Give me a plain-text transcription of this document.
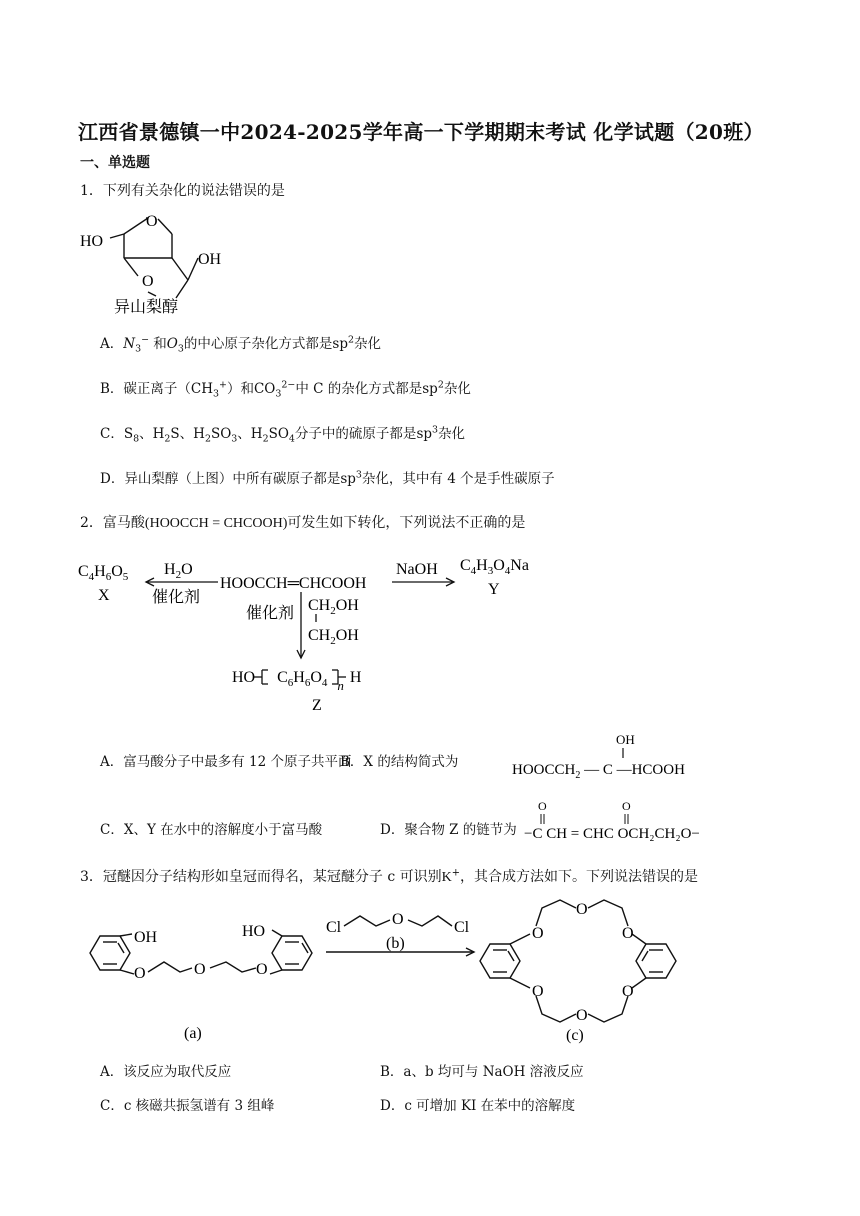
江西省景德镇一中2024-2025学年高一下学期期末考试 化学试题（20班）
一、单选题
1．下列有关杂化的说法错误的是
HO
O
O
OH
异山梨醇
A．$N_3^-$ 和$O_3$的中心原子杂化方式都是$sp^2$杂化
B．碳正离子$(CH_3^+)$和$CO_3^{2-}$中 C 的杂化方式都是$sp^2$杂化
C．$S_8$、$H_2S$、$H_2SO_3$、$H_2SO_4$分子中的硫原子都是$sp^3$杂化
D．异山梨醇（上图）中所有碳原子都是$sp^3$杂化，其中有 4 个是手性碳原子
2．富马酸(HOOCCH = CHCOOH)可发生如下转化，下列说法不正确的是
$C_4H_6O_5$
X
$H_2O$
催化剂
HOOCCH═CHCOOH
NaOH $C_4H_3O_4Na$
Y
催化剂 $CH_2OH$
$CH_2OH$
HO $C_6H_6O_4$ $_n$ H
Z
A．富马酸分子中最多有 12 个原子共平面
B．X 的结构简式为
OH
$HOOCCH_2$ — C —HCOOH
C．X、Y 在水中的溶解度小于富马酸	D．聚合物 Z 的链节为
O	O
−C CH = CHC OCH₂CH₂O−
3．冠醚因分子结构形如皇冠而得名，某冠醚分子 c 可识别K+，其合成方法如下。下列说法错误的是
OH
O	O	O
HO	Cl	O	Cl
(b)
O
O
O
O
O
O
(a)	(c)
A．该反应为取代反应	B．a、b 均可与 NaOH 溶液反应
C．c 核磁共振氢谱有 3 组峰	D．c 可增加 KI 在苯中的溶解度
